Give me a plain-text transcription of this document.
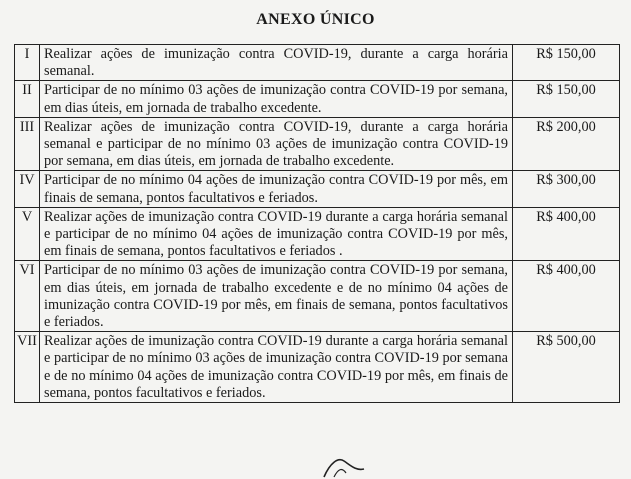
ANEXO ÚNICO
I	Realizar ações de imunização contra COVID-19, durante a carga horária semanal.	R$ 150,00
II	Participar de no mínimo 03 ações de imunização contra COVID-19 por semana, em dias úteis, em jornada de trabalho excedente.	R$ 150,00
III	Realizar ações de imunização contra COVID-19, durante a carga horária semanal e participar de no mínimo 03 ações de imunização contra COVID-19 por semana, em dias úteis, em jornada de trabalho excedente.	R$ 200,00
IV	Participar de no mínimo 04 ações de imunização contra COVID-19 por mês, em finais de semana, pontos facultativos e feriados.	R$ 300,00
V	Realizar ações de imunização contra COVID-19 durante a carga horária semanal e participar de no mínimo 04 ações de imunização contra COVID-19 por mês, em finais de semana, pontos facultativos e feriados .	R$ 400,00
VI	Participar de no mínimo 03 ações de imunização contra COVID-19 por semana, em dias úteis, em jornada de trabalho excedente e de no mínimo 04 ações de imunização contra COVID-19 por mês, em finais de semana, pontos facultativos e feriados.	R$ 400,00
VII	Realizar ações de imunização contra COVID-19 durante a carga horária semanal e participar de no mínimo 03 ações de imunização contra COVID-19 por semana e de no mínimo 04 ações de imunização contra COVID-19 por mês, em finais de semana, pontos facultativos e feriados.	R$ 500,00
